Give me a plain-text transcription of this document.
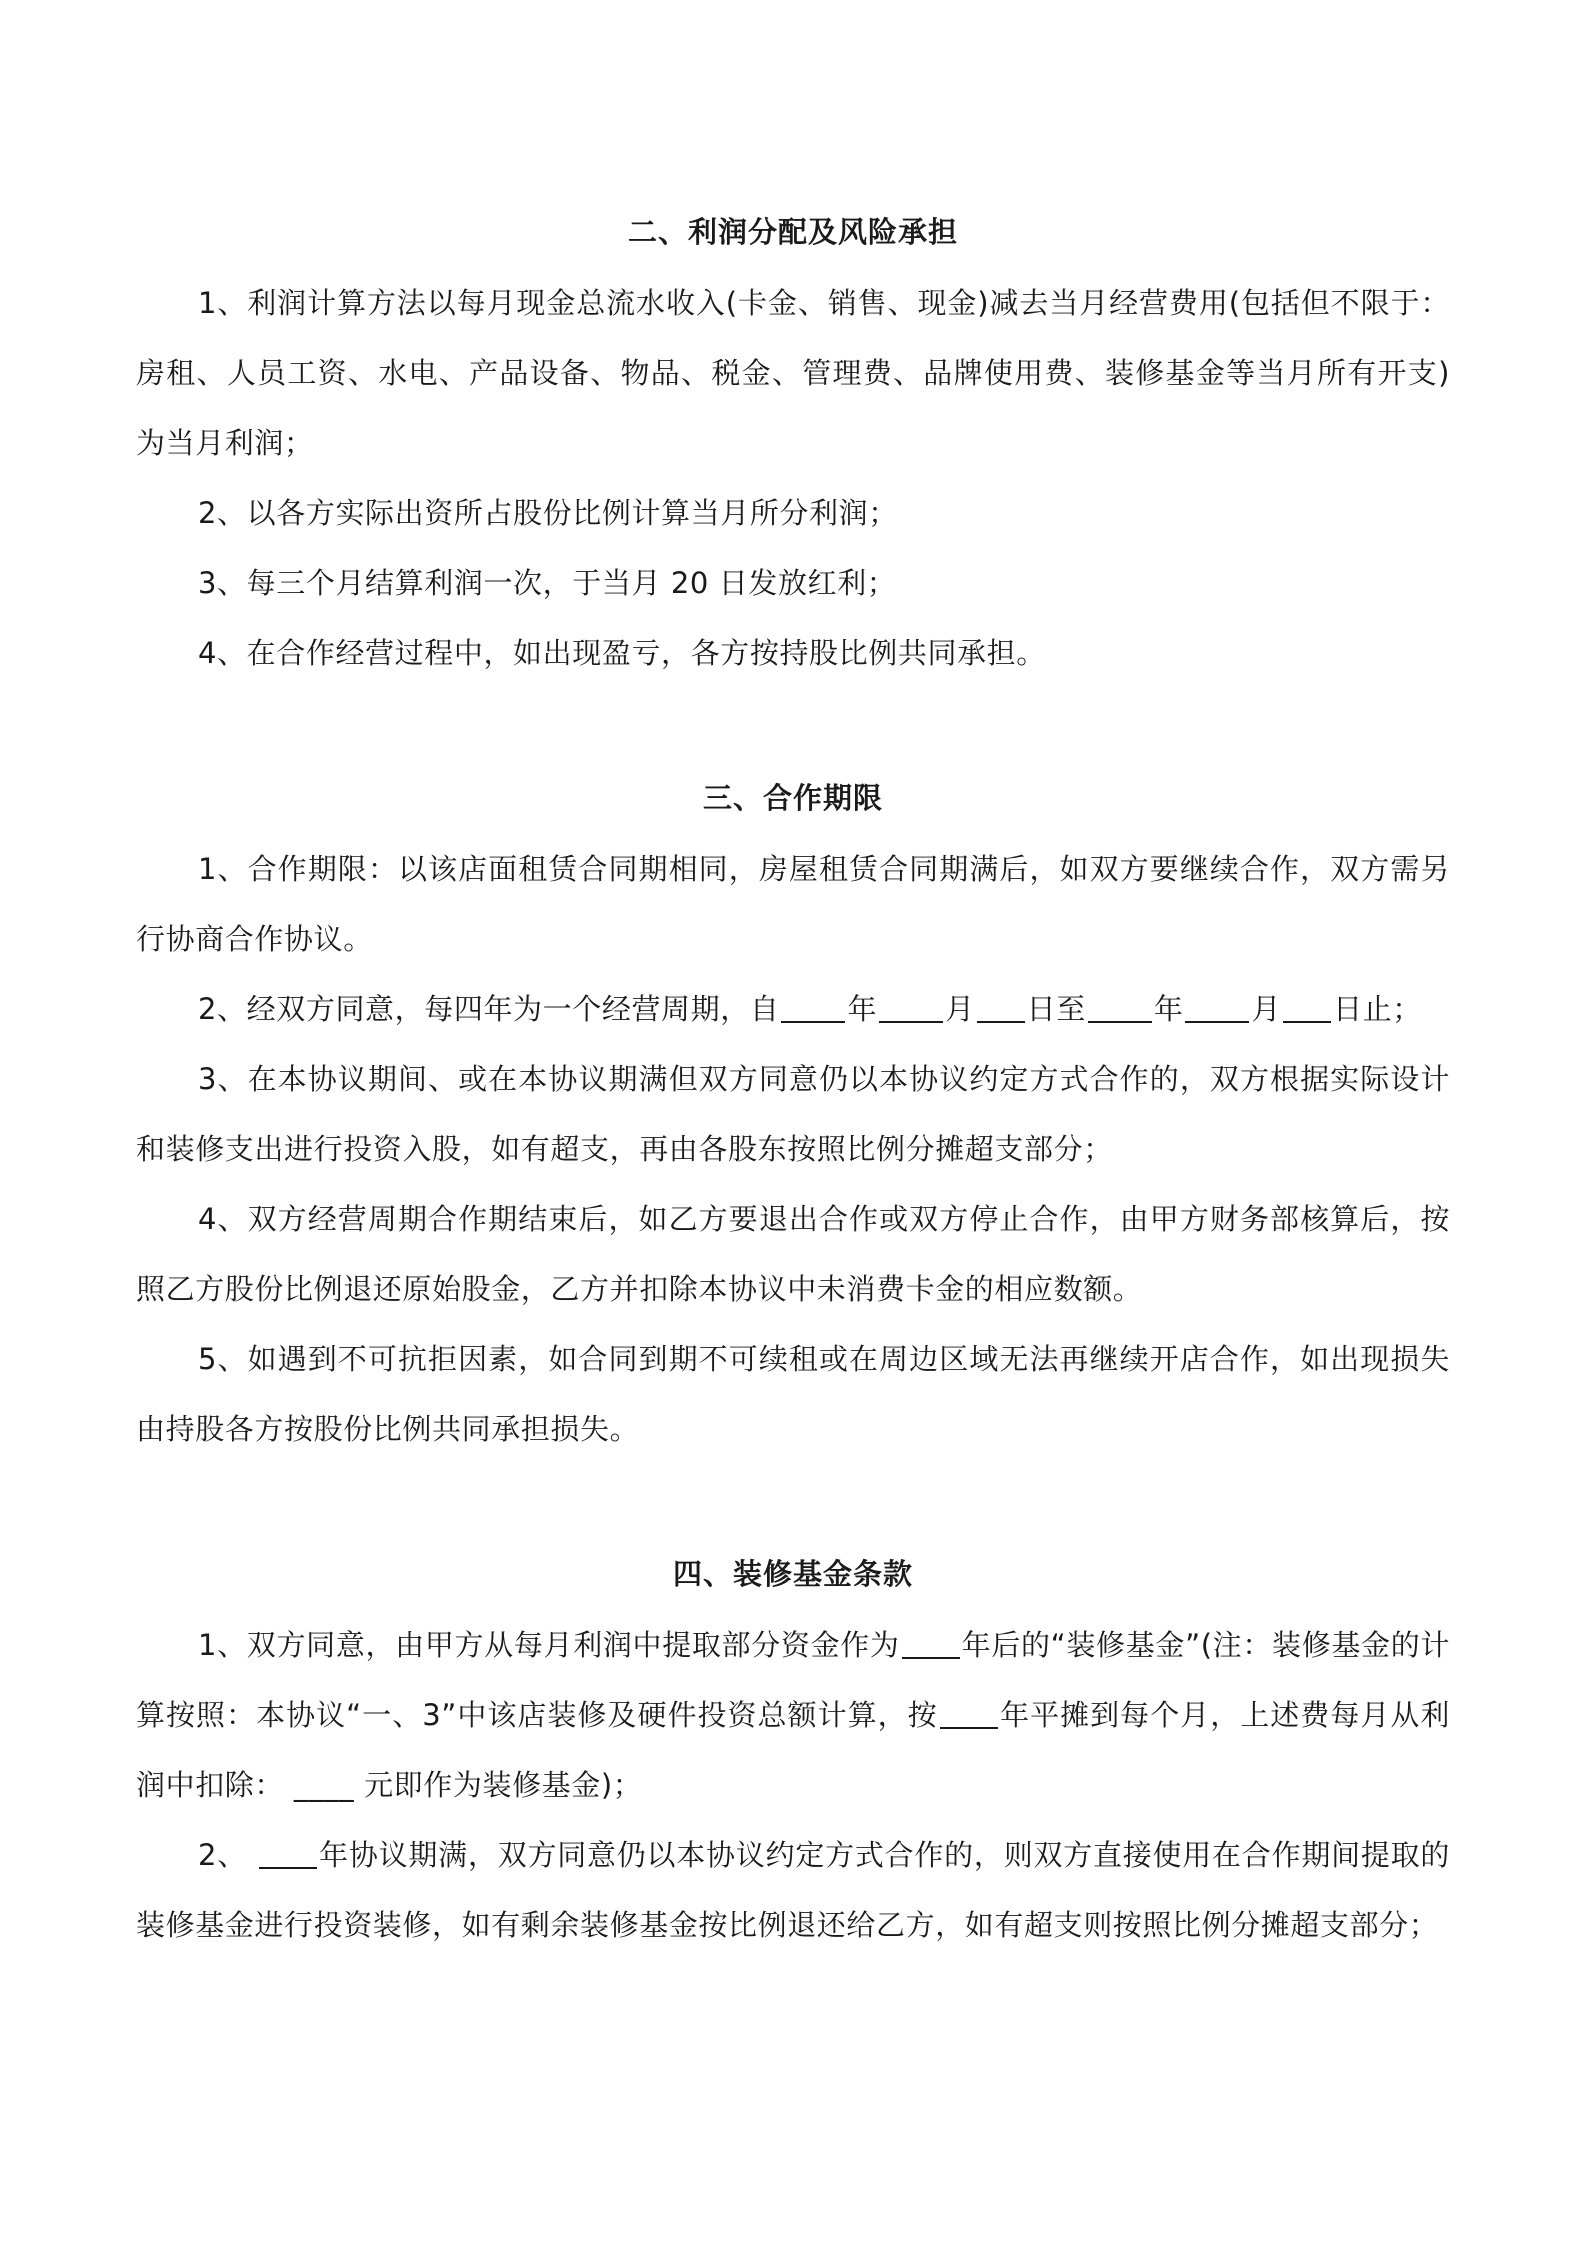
二、利润分配及风险承担

1、利润计算方法以每月现金总流水收入(卡金、销售、现金)减去当月经营费用(包括但不限于：房租、人员工资、水电、产品设备、物品、税金、管理费、品牌使用费、装修基金等当月所有开支)为当月利润；

2、以各方实际出资所占股份比例计算当月所分利润；

3、每三个月结算利润一次，于当月 20 日发放红利；

4、在合作经营过程中，如出现盈亏，各方按持股比例共同承担。

三、合作期限

1、合作期限：以该店面租赁合同期相同，房屋租赁合同期满后，如双方要继续合作，双方需另行协商合作协议。

2、经双方同意，每四年为一个经营周期，自 年 月 日至 年 月 日止；

3、在本协议期间、或在本协议期满但双方同意仍以本协议约定方式合作的，双方根据实际设计和装修支出进行投资入股，如有超支，再由各股东按照比例分摊超支部分；

4、双方经营周期合作期结束后，如乙方要退出合作或双方停止合作，由甲方财务部核算后，按照乙方股份比例退还原始股金，乙方并扣除本协议中未消费卡金的相应数额。

5、如遇到不可抗拒因素，如合同到期不可续租或在周边区域无法再继续开店合作，如出现损失由持股各方按股份比例共同承担损失。

四、装修基金条款

1、双方同意，由甲方从每月利润中提取部分资金作为 年后的“装修基金”(注：装修基金的计算按照：本协议“一、3”中该店装修及硬件投资总额计算，按 年平摊到每个月，上述费每月从利润中扣除： ____ 元即作为装修基金)；

2、 年协议期满，双方同意仍以本协议约定方式合作的，则双方直接使用在合作期间提取的装修基金进行投资装修，如有剩余装修基金按比例退还给乙方，如有超支则按照比例分摊超支部分；
